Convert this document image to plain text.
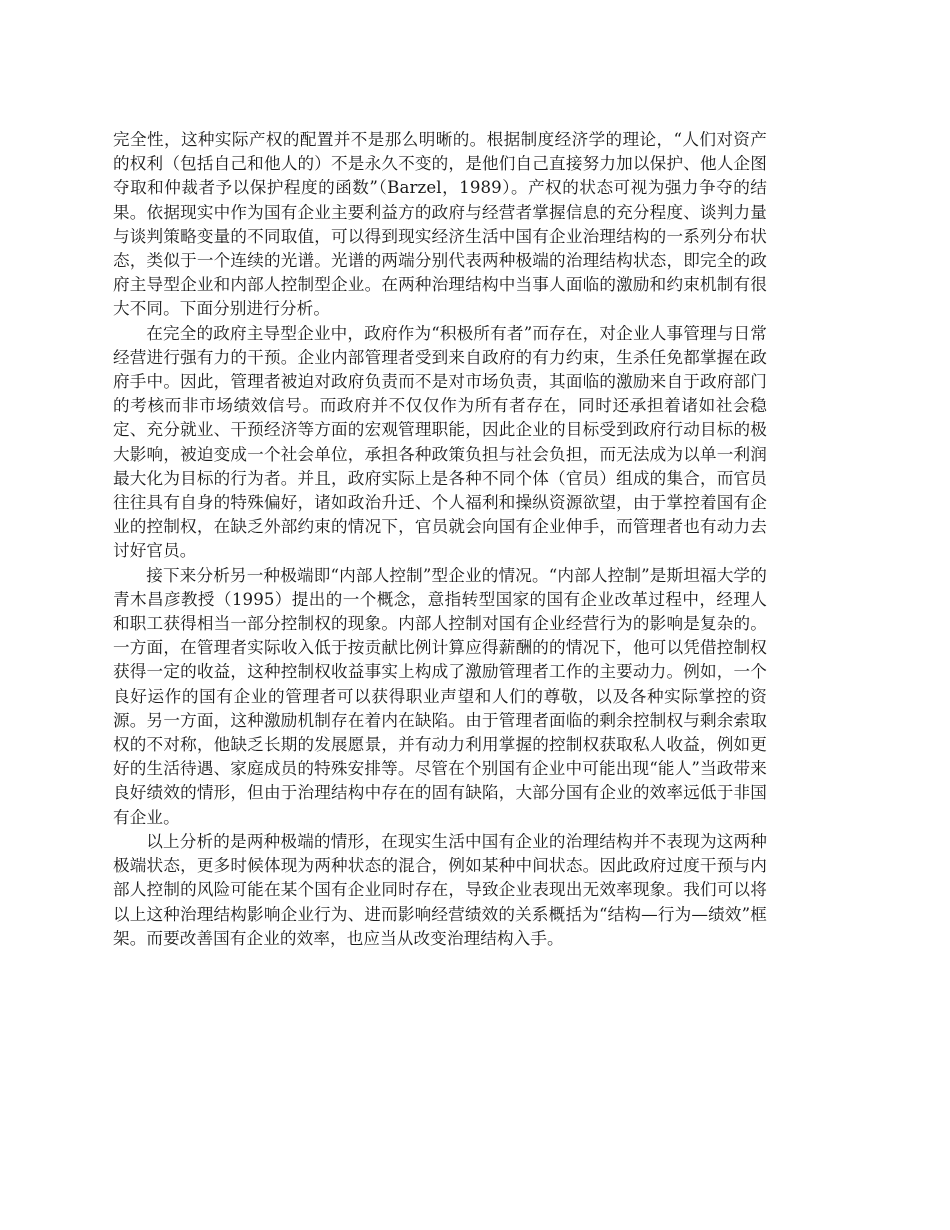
完全性，这种实际产权的配置并不是那么明晰的。根据制度经济学的理论，“人们对资产的权利（包括自己和他人的）不是永久不变的，是他们自己直接努力加以保护、他人企图夺取和仲裁者予以保护程度的函数”（Barzel，1989）。产权的状态可视为强力争夺的结果。依据现实中作为国有企业主要利益方的政府与经营者掌握信息的充分程度、谈判力量与谈判策略变量的不同取值，可以得到现实经济生活中国有企业治理结构的一系列分布状态，类似于一个连续的光谱。光谱的两端分别代表两种极端的治理结构状态，即完全的政府主导型企业和内部人控制型企业。在两种治理结构中当事人面临的激励和约束机制有很大不同。下面分别进行分析。

在完全的政府主导型企业中，政府作为“积极所有者”而存在，对企业人事管理与日常经营进行强有力的干预。企业内部管理者受到来自政府的有力约束，生杀任免都掌握在政府手中。因此，管理者被迫对政府负责而不是对市场负责，其面临的激励来自于政府部门的考核而非市场绩效信号。而政府并不仅仅作为所有者存在，同时还承担着诸如社会稳定、充分就业、干预经济等方面的宏观管理职能，因此企业的目标受到政府行动目标的极大影响，被迫变成一个社会单位，承担各种政策负担与社会负担，而无法成为以单一利润最大化为目标的行为者。并且，政府实际上是各种不同个体（官员）组成的集合，而官员往往具有自身的特殊偏好，诸如政治升迁、个人福利和操纵资源欲望，由于掌控着国有企业的控制权，在缺乏外部约束的情况下，官员就会向国有企业伸手，而管理者也有动力去讨好官员。

接下来分析另一种极端即“内部人控制”型企业的情况。“内部人控制”是斯坦福大学的青木昌彦教授（1995）提出的一个概念，意指转型国家的国有企业改革过程中，经理人和职工获得相当一部分控制权的现象。内部人控制对国有企业经营行为的影响是复杂的。一方面，在管理者实际收入低于按贡献比例计算应得薪酬的的情况下，他可以凭借控制权获得一定的收益，这种控制权收益事实上构成了激励管理者工作的主要动力。例如，一个良好运作的国有企业的管理者可以获得职业声望和人们的尊敬，以及各种实际掌控的资源。另一方面，这种激励机制存在着内在缺陷。由于管理者面临的剩余控制权与剩余索取权的不对称，他缺乏长期的发展愿景，并有动力利用掌握的控制权获取私人收益，例如更好的生活待遇、家庭成员的特殊安排等。尽管在个别国有企业中可能出现“能人”当政带来良好绩效的情形，但由于治理结构中存在的固有缺陷，大部分国有企业的效率远低于非国有企业。

以上分析的是两种极端的情形，在现实生活中国有企业的治理结构并不表现为这两种极端状态，更多时候体现为两种状态的混合，例如某种中间状态。因此政府过度干预与内部人控制的风险可能在某个国有企业同时存在，导致企业表现出无效率现象。我们可以将以上这种治理结构影响企业行为、进而影响经营绩效的关系概括为“结构—行为—绩效”框架。而要改善国有企业的效率，也应当从改变治理结构入手。
